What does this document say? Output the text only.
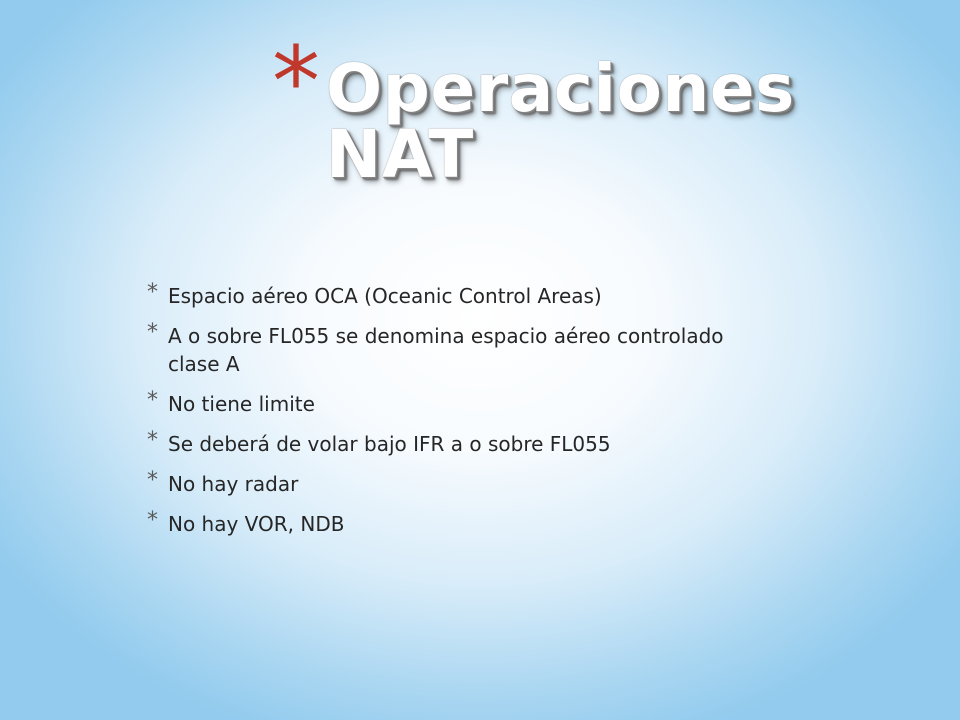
* Operaciones NAT
* Espacio aéreo OCA (Oceanic Control Areas)
* A o sobre FL055 se denomina espacio aéreo controlado clase A
* No tiene limite
* Se deberá de volar bajo IFR a o sobre FL055
* No hay radar
* No hay VOR, NDB
